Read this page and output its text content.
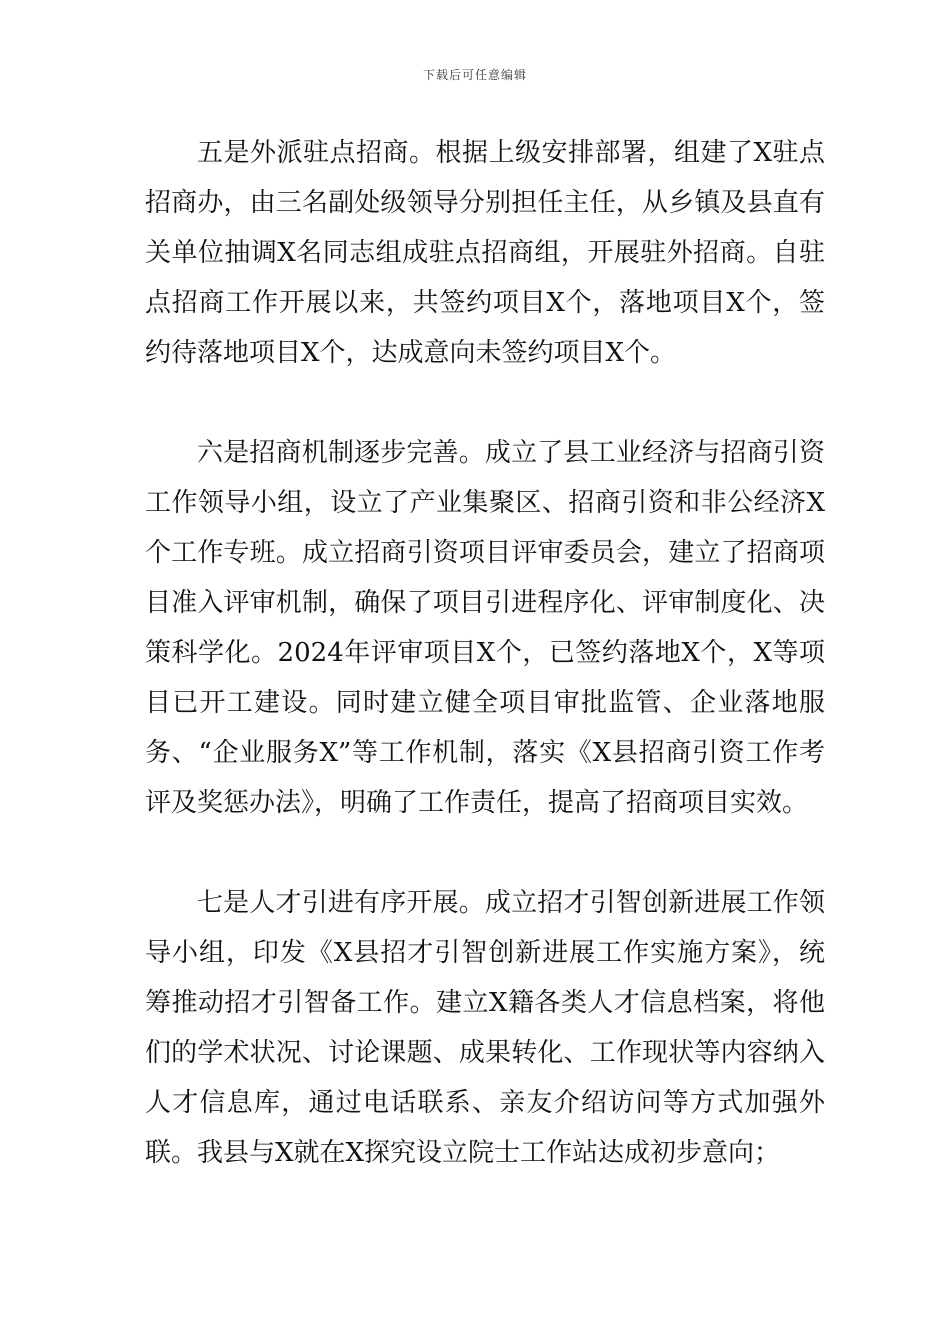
下载后可任意编辑

五是外派驻点招商。根据上级安排部署，组建了X驻点招商办，由三名副处级领导分别担任主任，从乡镇及县直有关单位抽调X名同志组成驻点招商组，开展驻外招商。自驻点招商工作开展以来，共签约项目X个，落地项目X个，签约待落地项目X个，达成意向未签约项目X个。

六是招商机制逐步完善。成立了县工业经济与招商引资工作领导小组，设立了产业集聚区、招商引资和非公经济X个工作专班。成立招商引资项目评审委员会，建立了招商项目准入评审机制，确保了项目引进程序化、评审制度化、决策科学化。2024年评审项目X个，已签约落地X个，X等项目已开工建设。同时建立健全项目审批监管、企业落地服务、“企业服务X”等工作机制，落实《X县招商引资工作考评及奖惩办法》，明确了工作责任，提高了招商项目实效。

七是人才引进有序开展。成立招才引智创新进展工作领导小组，印发《X县招才引智创新进展工作实施方案》，统筹推动招才引智备工作。建立X籍各类人才信息档案，将他们的学术状况、讨论课题、成果转化、工作现状等内容纳入人才信息库，通过电话联系、亲友介绍访问等方式加强外联。我县与X就在X探究设立院士工作站达成初步意向；
